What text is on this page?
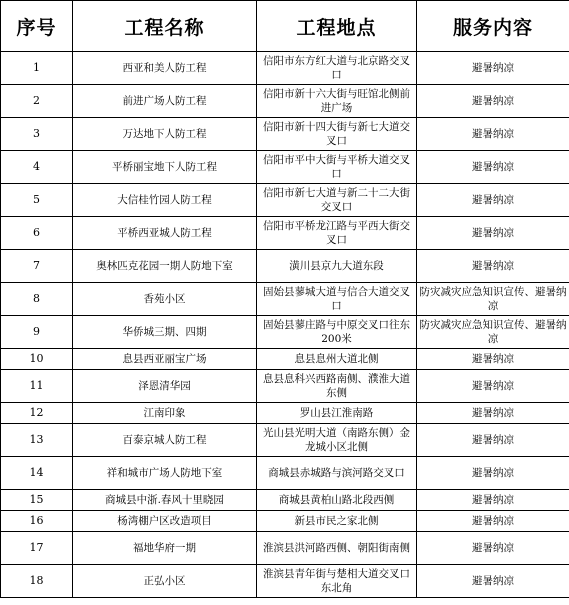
序号	工程名称	工程地点	服务内容
1	西亚和美人防工程	信阳市东方红大道与北京路交叉口	避暑纳凉
2	前进广场人防工程	信阳市新十六大街与旺馆北侧前进广场	避暑纳凉
3	万达地下人防工程	信阳市新十四大街与新七大道交叉口	避暑纳凉
4	平桥丽宝地下人防工程	信阳市平中大街与平桥大道交叉口	避暑纳凉
5	大信桂竹园人防工程	信阳市新七大道与新二十二大街交叉口	避暑纳凉
6	平桥西亚城人防工程	信阳市平桥龙江路与平西大街交叉口	避暑纳凉
7	奥林匹克花园一期人防地下室	潢川县京九大道东段	避暑纳凉
8	香苑小区	固始县蓼城大道与信合大道交叉口	防灾减灾应急知识宣传、避暑纳凉
9	华侨城三期、四期	固始县蓼庄路与中原交叉口往东200米	防灾减灾应急知识宣传、避暑纳凉
10	息县西亚丽宝广场	息县息州大道北侧	避暑纳凉
11	泽恩清华园	息县息科兴西路南侧、濮淮大道东侧	避暑纳凉
12	江南印象	罗山县江淮南路	避暑纳凉
13	百泰京城人防工程	光山县光明大道（南路东侧）金龙城小区北侧	避暑纳凉
14	祥和城市广场人防地下室	商城县赤城路与滨河路交叉口	避暑纳凉
15	商城县中浙.春风十里晓园	商城县黄柏山路北段西侧	避暑纳凉
16	杨湾棚户区改造项目	新县市民之家北侧	避暑纳凉
17	福地华府一期	淮滨县洪河路西侧、朝阳街南侧	避暑纳凉
18	正弘小区	淮滨县青年街与楚相大道交叉口东北角	避暑纳凉
